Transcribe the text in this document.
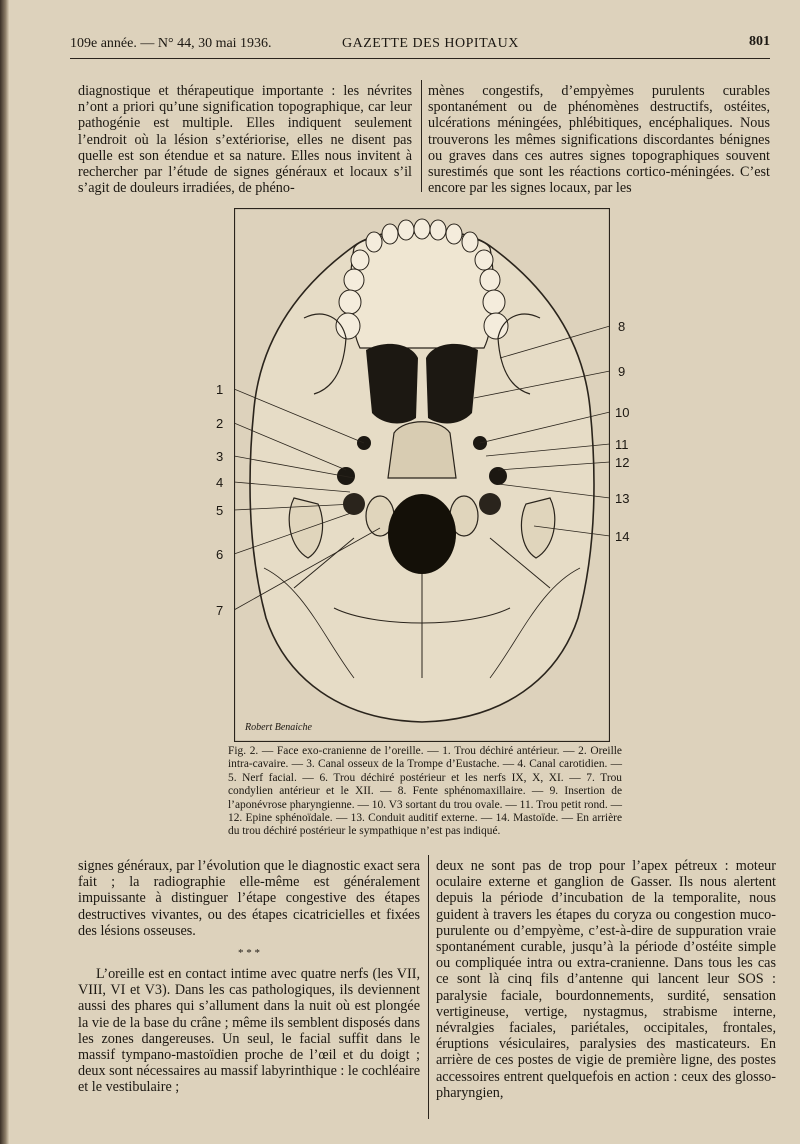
109e année. — N° 44, 30 mai 1936.	GAZETTE DES HOPITAUX	801

diagnostique et thérapeutique importante : les névrites n’ont a priori qu’une signification topographique, car leur pathogénie est multiple. Elles indiquent seulement l’endroit où la lésion s’extériorise, elles ne disent pas quelle est son étendue et sa nature. Elles nous invitent à rechercher par l’étude de signes généraux et locaux s’il s’agit de douleurs irradiées, de phéno-

mènes congestifs, d’empyèmes purulents curables spontanément ou de phénomènes destructifs, ostéites, ulcérations méningées, phlébitiques, encéphaliques. Nous trouverons les mêmes significations discordantes bénignes ou graves dans ces autres signes topographiques souvent surestimés que sont les réactions cortico-méningées. C’est encore par les signes locaux, par les

1
2
3
4
5
6
7
8
9
10
11
12
13
14
Robert Benaiche
Fig. 2. — Face exo-cranienne de l’oreille. — 1. Trou déchiré antérieur. — 2. Oreille intra-cavaire. — 3. Canal osseux de la Trompe d’Eustache. — 4. Canal carotidien. — 5. Nerf facial. — 6. Trou déchiré postérieur et les nerfs IX, X, XI. — 7. Trou condylien antérieur et le XII. — 8. Fente sphénomaxillaire. — 9. Insertion de l’aponévrose pharyngienne. — 10. V3 sortant du trou ovale. — 11. Trou petit rond. — 12. Epine sphénoïdale. — 13. Conduit auditif externe. — 14. Mastoïde. — En arrière du trou déchiré postérieur le sympathique n’est pas indiqué.

signes généraux, par l’évolution que le diagnostic exact sera fait ; la radiographie elle-même est généralement impuissante à distinguer l’étape congestive des étapes destructives vivantes, ou des étapes cicatricielles et fixées des lésions osseuses.

* * *

L’oreille est en contact intime avec quatre nerfs (les VII, VIII, VI et V3). Dans les cas pathologiques, ils deviennent aussi des phares qui s’allument dans la nuit où est plongée la vie de la base du crâne ; même ils semblent disposés dans les zones dangereuses. Un seul, le facial suffit dans le massif tympano-mastoïdien proche de l’œil et du doigt ; deux sont nécessaires au massif labyrinthique : le cochléaire et le vestibulaire ;

deux ne sont pas de trop pour l’apex pétreux : moteur oculaire externe et ganglion de Gasser. Ils nous alertent depuis la période d’incubation de la temporalite, nous guident à travers les étapes du coryza ou congestion muco-purulente ou d’empyème, c’est-à-dire de suppuration vraie spontanément curable, jusqu’à la période d’ostéite simple ou compliquée intra ou extra-cranienne. Dans tous les cas ce sont là cinq fils d’antenne qui lancent leur SOS : paralysie faciale, bourdonnements, surdité, sensation vertigineuse, vertige, nystagmus, strabisme interne, névralgies faciales, pariétales, occipitales, frontales, éruptions vésiculaires, paralysies des masticateurs. En arrière de ces postes de vigie de première ligne, des postes accessoires entrent quelquefois en action : ceux des glosso-pharyngien,
